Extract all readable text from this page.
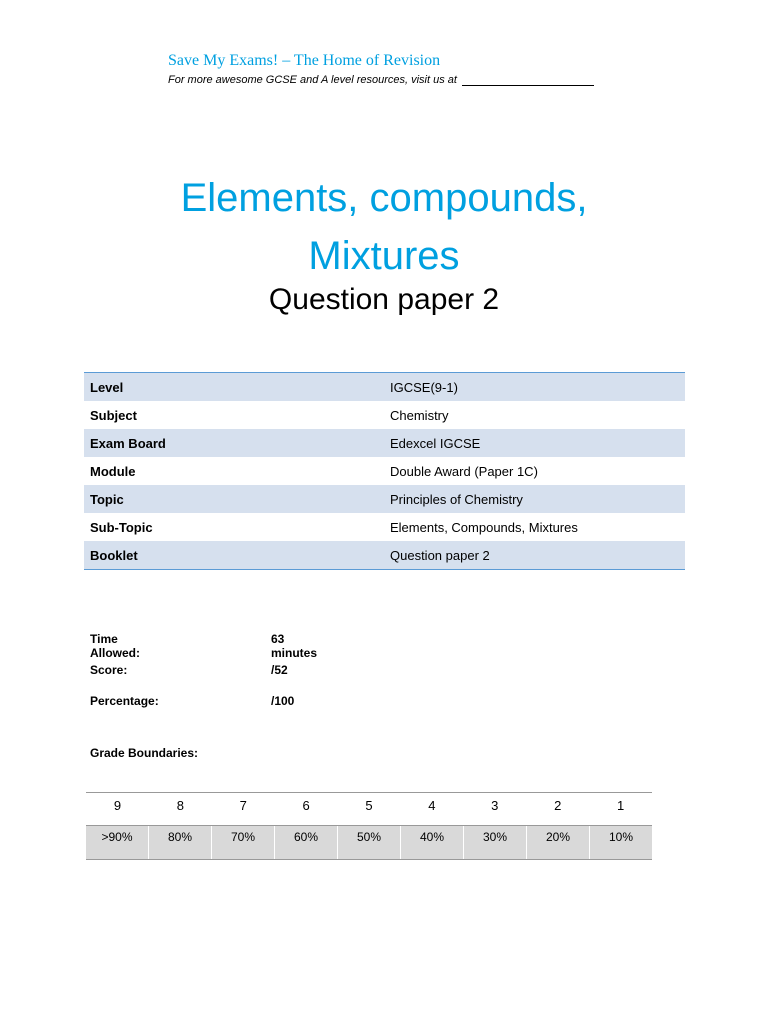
Save My Exams! – The Home of Revision
For more awesome GCSE and A level resources, visit us at
Elements, compounds,
Mixtures
Question paper 2
Level	IGCSE(9-1)
Subject	Chemistry
Exam Board	Edexcel IGCSE
Module	Double Award (Paper 1C)
Topic	Principles of Chemistry
Sub-Topic	Elements, Compounds, Mixtures
Booklet	Question paper 2
Time Allowed:
63 minutes
Score:	/52
Percentage:	/100
Grade Boundaries:
9	8	7	6	5	4	3	2	1
>90%	80%	70%	60%	50%	40%	30%	20%	10%
